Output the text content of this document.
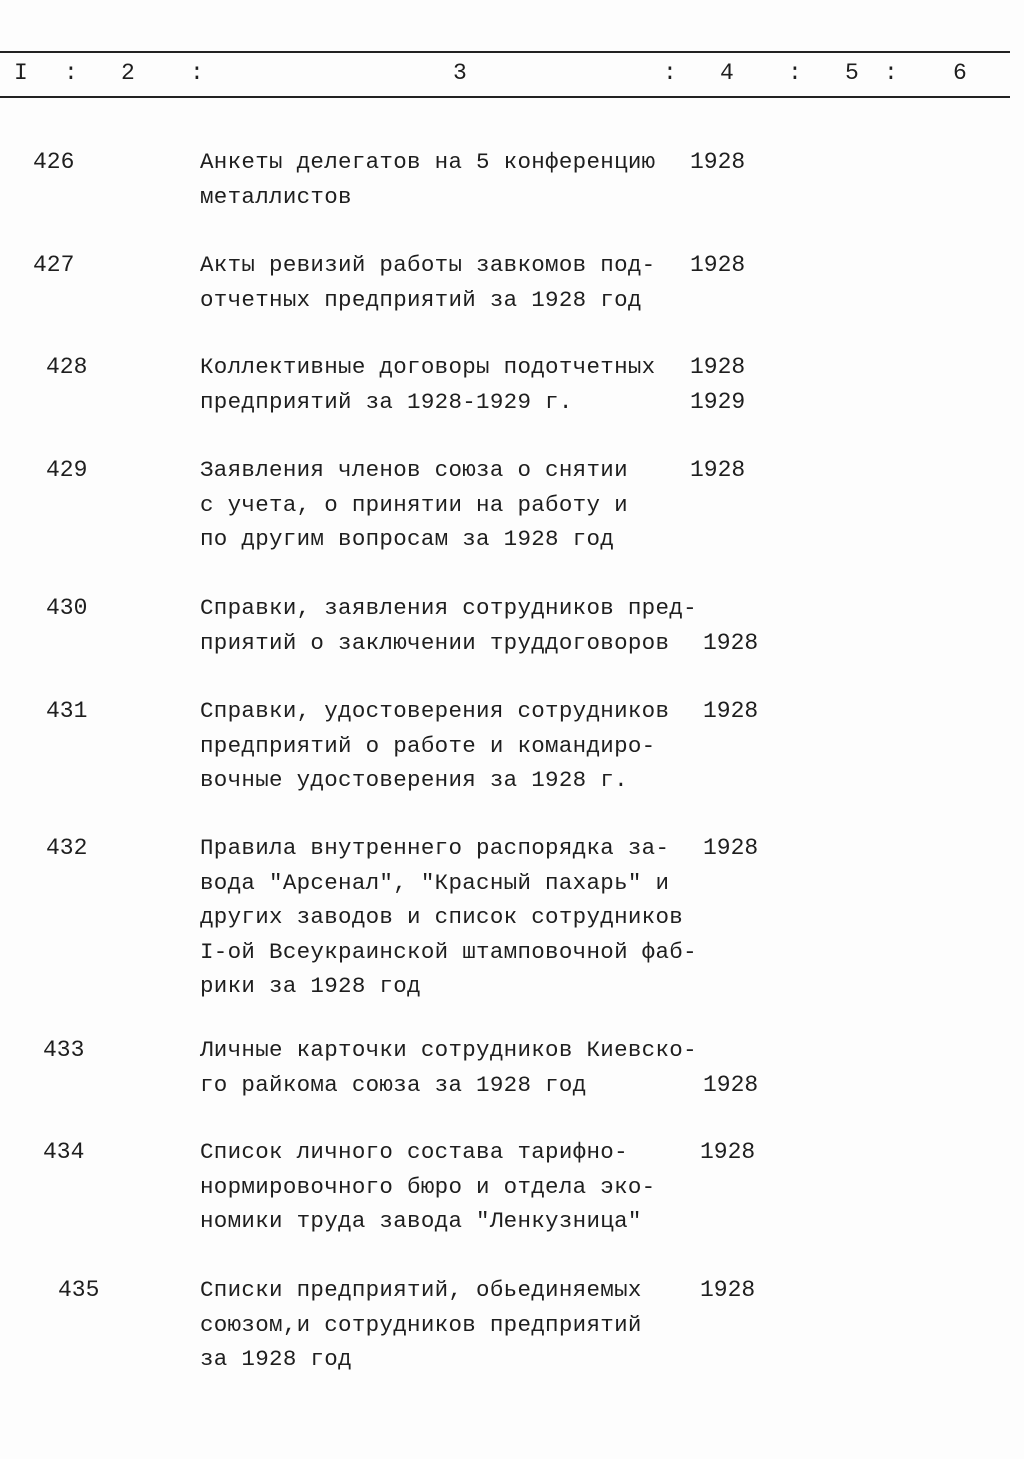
I : 2 :	3	: 4 : 5 : 6
426	Анкеты делегатов на 5 конференцию
металлистов
1928
427	Акты ревизий работы завкомов под-
отчетных предприятий за 1928 год
1928
428	Коллективные договоры подотчетных
предприятий за 1928-1929 г.
1928
1929
429	Заявления членов союза о снятии
с учета, о принятии на работу и
по другим вопросам за 1928 год
1928
430	Справки, заявления сотрудников пред-
приятий о заключении труддоговоров 1928
431	Справки, удостоверения сотрудников
предприятий о работе и командиро-
вочные удостоверения за 1928 г.
1928
432	Правила внутреннего распорядка за-
вода "Арсенал", "Красный пахарь" и
других заводов и список сотрудников
I-ой Всеукраинской штамповочной фаб-
рики за 1928 год
1928
433	Личные карточки сотрудников Киевско-
го райкома союза за 1928 год	1928
434	Список личного состава тарифно-
нормировочного бюро и отдела эко-
номики труда завода "Ленкузница"
1928
435	Списки предприятий, обьединяемых
союзом,и сотрудников предприятий
за 1928 год
1928
